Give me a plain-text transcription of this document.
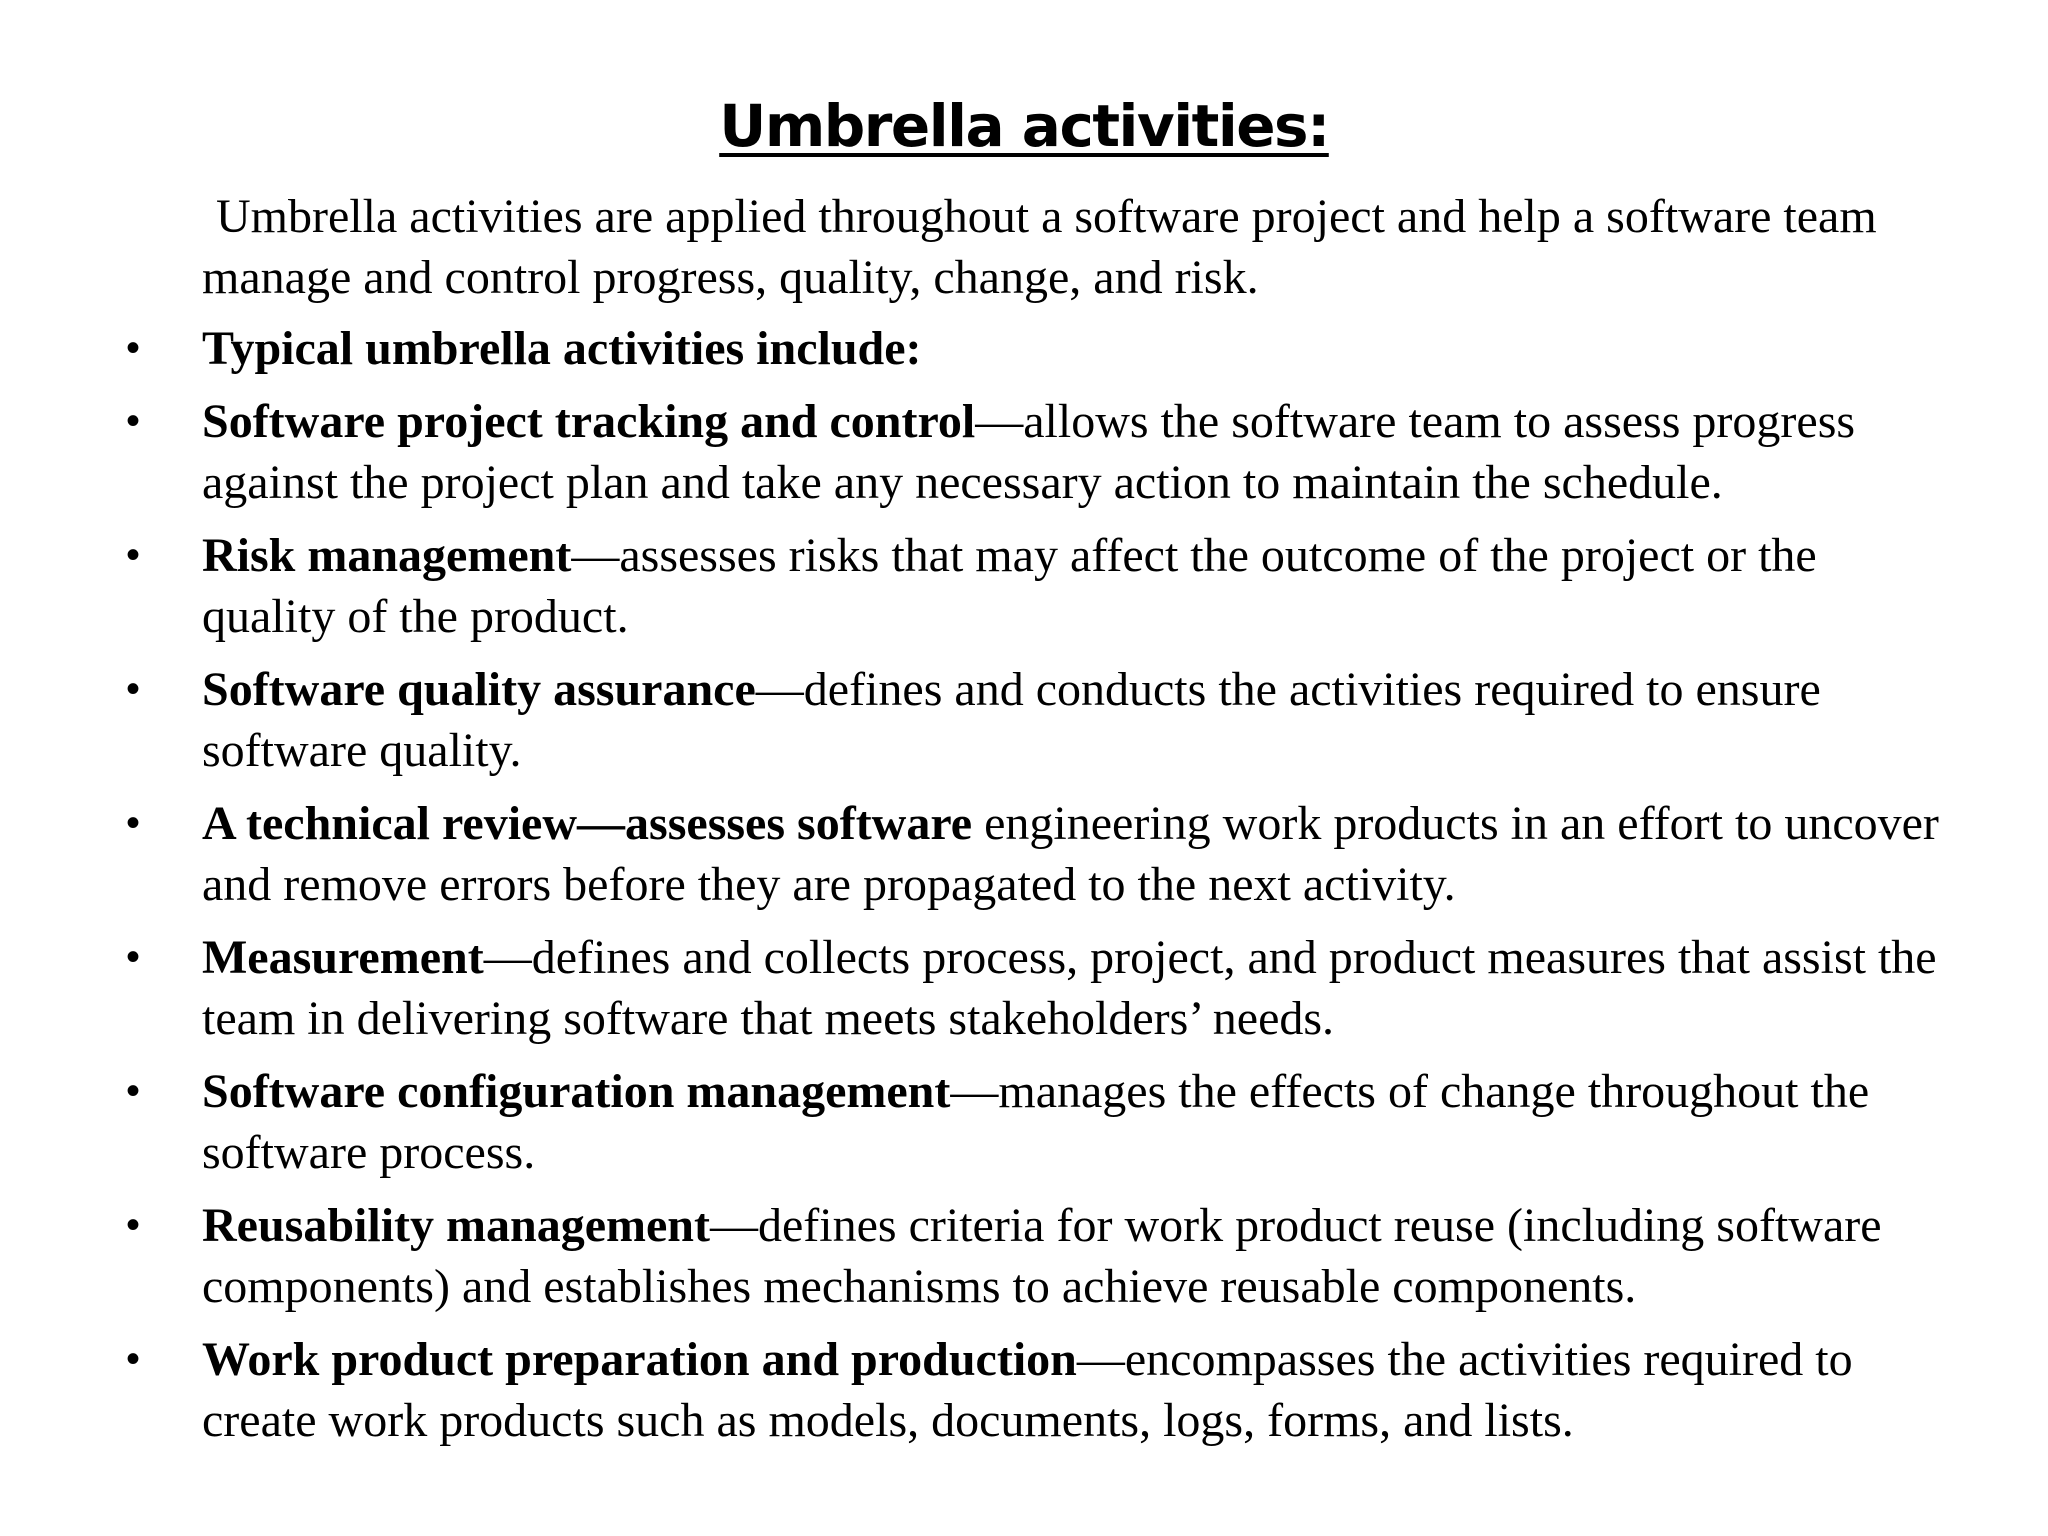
Umbrella activities:

Umbrella activities are applied throughout a software project and help a software team manage and control progress, quality, change, and risk.

• Typical umbrella activities include:
• Software project tracking and control—allows the software team to assess progress against the project plan and take any necessary action to maintain the schedule.
• Risk management—assesses risks that may affect the outcome of the project or the quality of the product.
• Software quality assurance—defines and conducts the activities required to ensure software quality.
• A technical review—assesses software engineering work products in an effort to uncover and remove errors before they are propagated to the next activity.
• Measurement—defines and collects process, project, and product measures that assist the team in delivering software that meets stakeholders’ needs.
• Software configuration management—manages the effects of change throughout the software process.
• Reusability management—defines criteria for work product reuse (including software components) and establishes mechanisms to achieve reusable components.
• Work product preparation and production—encompasses the activities required to create work products such as models, documents, logs, forms, and lists.
